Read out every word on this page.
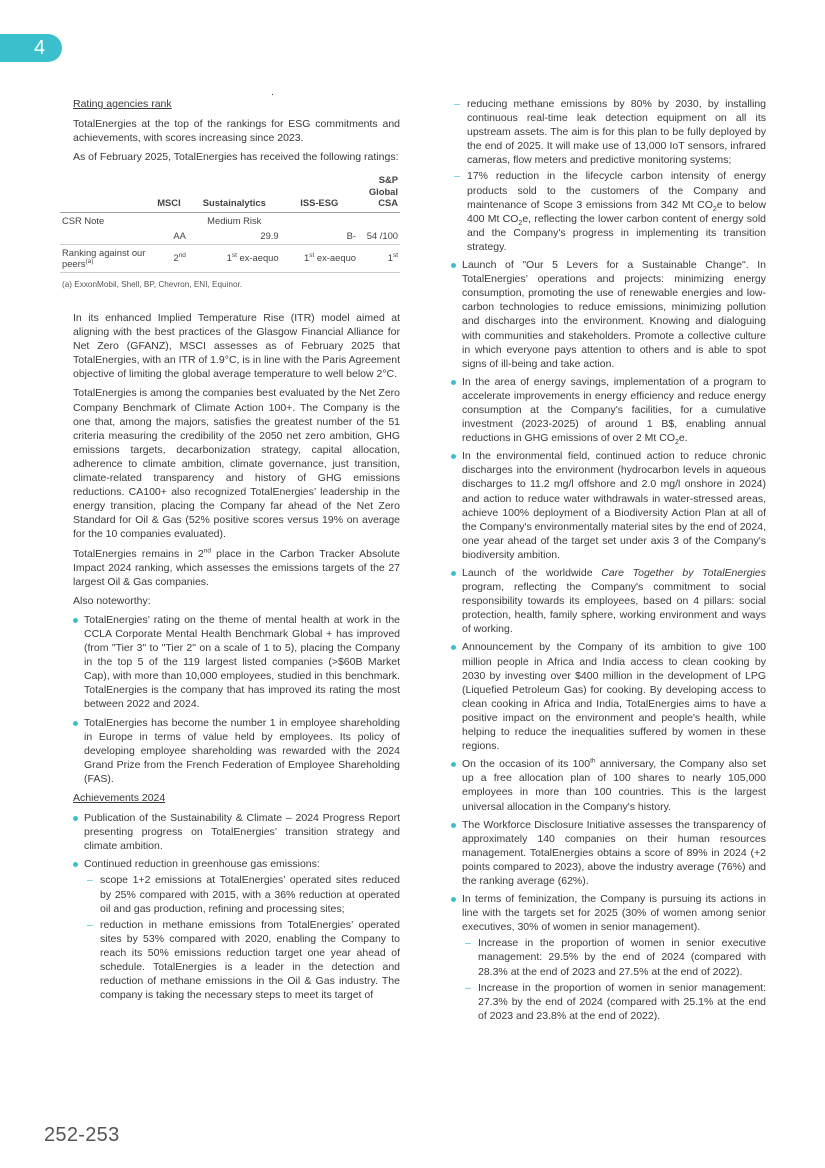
4

Rating agencies rank

TotalEnergies at the top of the rankings for ESG commitments and achievements, with scores increasing since 2023.

As of February 2025, TotalEnergies has received the following ratings:

	MSCI	Sustainalytics	ISS-ESG	S&P Global CSA
CSR Note		Medium Risk		
	AA	29.9	B-	54 /100
Ranking against our peers$^{(a)}$	2nd	1st ex-aequo	1st ex-aequo	1st
(a) ExxonMobil, Shell, BP, Chevron, ENI, Equinor.

In its enhanced Implied Temperature Rise (ITR) model aimed at aligning with the best practices of the Glasgow Financial Alliance for Net Zero (GFANZ), MSCI assesses as of February 2025 that TotalEnergies, with an ITR of 1.9°C, is in line with the Paris Agreement objective of limiting the global average temperature to well below 2°C.

TotalEnergies is among the companies best evaluated by the Net Zero Company Benchmark of Climate Action 100+. The Company is the one that, among the majors, satisfies the greatest number of the 51 criteria measuring the credibility of the 2050 net zero ambition, GHG emissions targets, decarbonization strategy, capital allocation, adherence to climate ambition, climate governance, just transition, climate-related transparency and history of GHG emissions reductions. CA100+ also recognized TotalEnergies’ leadership in the energy transition, placing the Company far ahead of the Net Zero Standard for Oil & Gas (52% positive scores versus 19% on average for the 10 companies evaluated).

TotalEnergies remains in 2nd place in the Carbon Tracker Absolute Impact 2024 ranking, which assesses the emissions targets of the 27 largest Oil & Gas companies.

Also noteworthy:

TotalEnergies’ rating on the theme of mental health at work in the CCLA Corporate Mental Health Benchmark Global + has improved (from "Tier 3" to "Tier 2" on a scale of 1 to 5), placing the Company in the top 5 of the 119 largest listed companies (>$60B Market Cap), with more than 10,000 employees, studied in this benchmark. TotalEnergies is the company that has improved its rating the most between 2022 and 2024.
TotalEnergies has become the number 1 in employee shareholding in Europe in terms of value held by employees. Its policy of developing employee shareholding was rewarded with the 2024 Grand Prize from the French Federation of Employee Shareholding (FAS).

Achievements 2024

Publication of the Sustainability & Climate – 2024 Progress Report presenting progress on TotalEnergies’ transition strategy and climate ambition.
Continued reduction in greenhouse gas emissions:
– scope 1+2 emissions at TotalEnergies’ operated sites reduced by 25% compared with 2015, with a 36% reduction at operated oil and gas production, refining and processing sites;
– reduction in methane emissions from TotalEnergies’ operated sites by 53% compared with 2020, enabling the Company to reach its 50% emissions reduction target one year ahead of schedule. TotalEnergies is a leader in the detection and reduction of methane emissions in the Oil & Gas industry. The company is taking the necessary steps to meet its target of
– reducing methane emissions by 80% by 2030, by installing continuous real-time leak detection equipment on all its upstream assets. The aim is for this plan to be fully deployed by the end of 2025. It will make use of 13,000 IoT sensors, infrared cameras, flow meters and predictive monitoring systems;
– 17% reduction in the lifecycle carbon intensity of energy products sold to the customers of the Company and maintenance of Scope 3 emissions from 342 Mt $CO_2e$ to below 400 Mt $CO_2e$, reflecting the lower carbon content of energy sold and the Company's progress in implementing its transition strategy.
Launch of "Our 5 Levers for a Sustainable Change". In TotalEnergies’ operations and projects: minimizing energy consumption, promoting the use of renewable energies and low-carbon technologies to reduce emissions, minimizing pollution and discharges into the environment. Knowing and dialoguing with communities and stakeholders. Promote a collective culture in which everyone pays attention to others and is able to spot signs of ill-being and take action.
In the area of energy savings, implementation of a program to accelerate improvements in energy efficiency and reduce energy consumption at the Company's facilities, for a cumulative investment (2023-2025) of around 1 B$, enabling annual reductions in GHG emissions of over 2 Mt $CO_2e$.
In the environmental field, continued action to reduce chronic discharges into the environment (hydrocarbon levels in aqueous discharges to 11.2 mg/l offshore and 2.0 mg/l onshore in 2024) and action to reduce water withdrawals in water-stressed areas, achieve 100% deployment of a Biodiversity Action Plan at all of the Company's environmentally material sites by the end of 2024, one year ahead of the target set under axis 3 of the Company's biodiversity ambition.
Launch of the worldwide Care Together by TotalEnergies program, reflecting the Company's commitment to social responsibility towards its employees, based on 4 pillars: social protection, health, family sphere, working environment and ways of working.
Announcement by the Company of its ambition to give 100 million people in Africa and India access to clean cooking by 2030 by investing over $400 million in the development of LPG (Liquefied Petroleum Gas) for cooking. By developing access to clean cooking in Africa and India, TotalEnergies aims to have a positive impact on the environment and people's health, while helping to reduce the inequalities suffered by women in these regions.
On the occasion of its 100th anniversary, the Company also set up a free allocation plan of 100 shares to nearly 105,000 employees in more than 100 countries. This is the largest universal allocation in the Company's history.
The Workforce Disclosure Initiative assesses the transparency of approximately 140 companies on their human resources management. TotalEnergies obtains a score of 89% in 2024 (+2 points compared to 2023), above the industry average (76%) and the ranking average (62%).
In terms of feminization, the Company is pursuing its actions in line with the targets set for 2025 (30% of women among senior executives, 30% of women in senior management).
– Increase in the proportion of women in senior executive management: 29.5% by the end of 2024 (compared with 28.3% at the end of 2023 and 27.5% at the end of 2022).
– Increase in the proportion of women in senior management: 27.3% by the end of 2024 (compared with 25.1% at the end of 2023 and 23.8% at the end of 2022).
252-253
